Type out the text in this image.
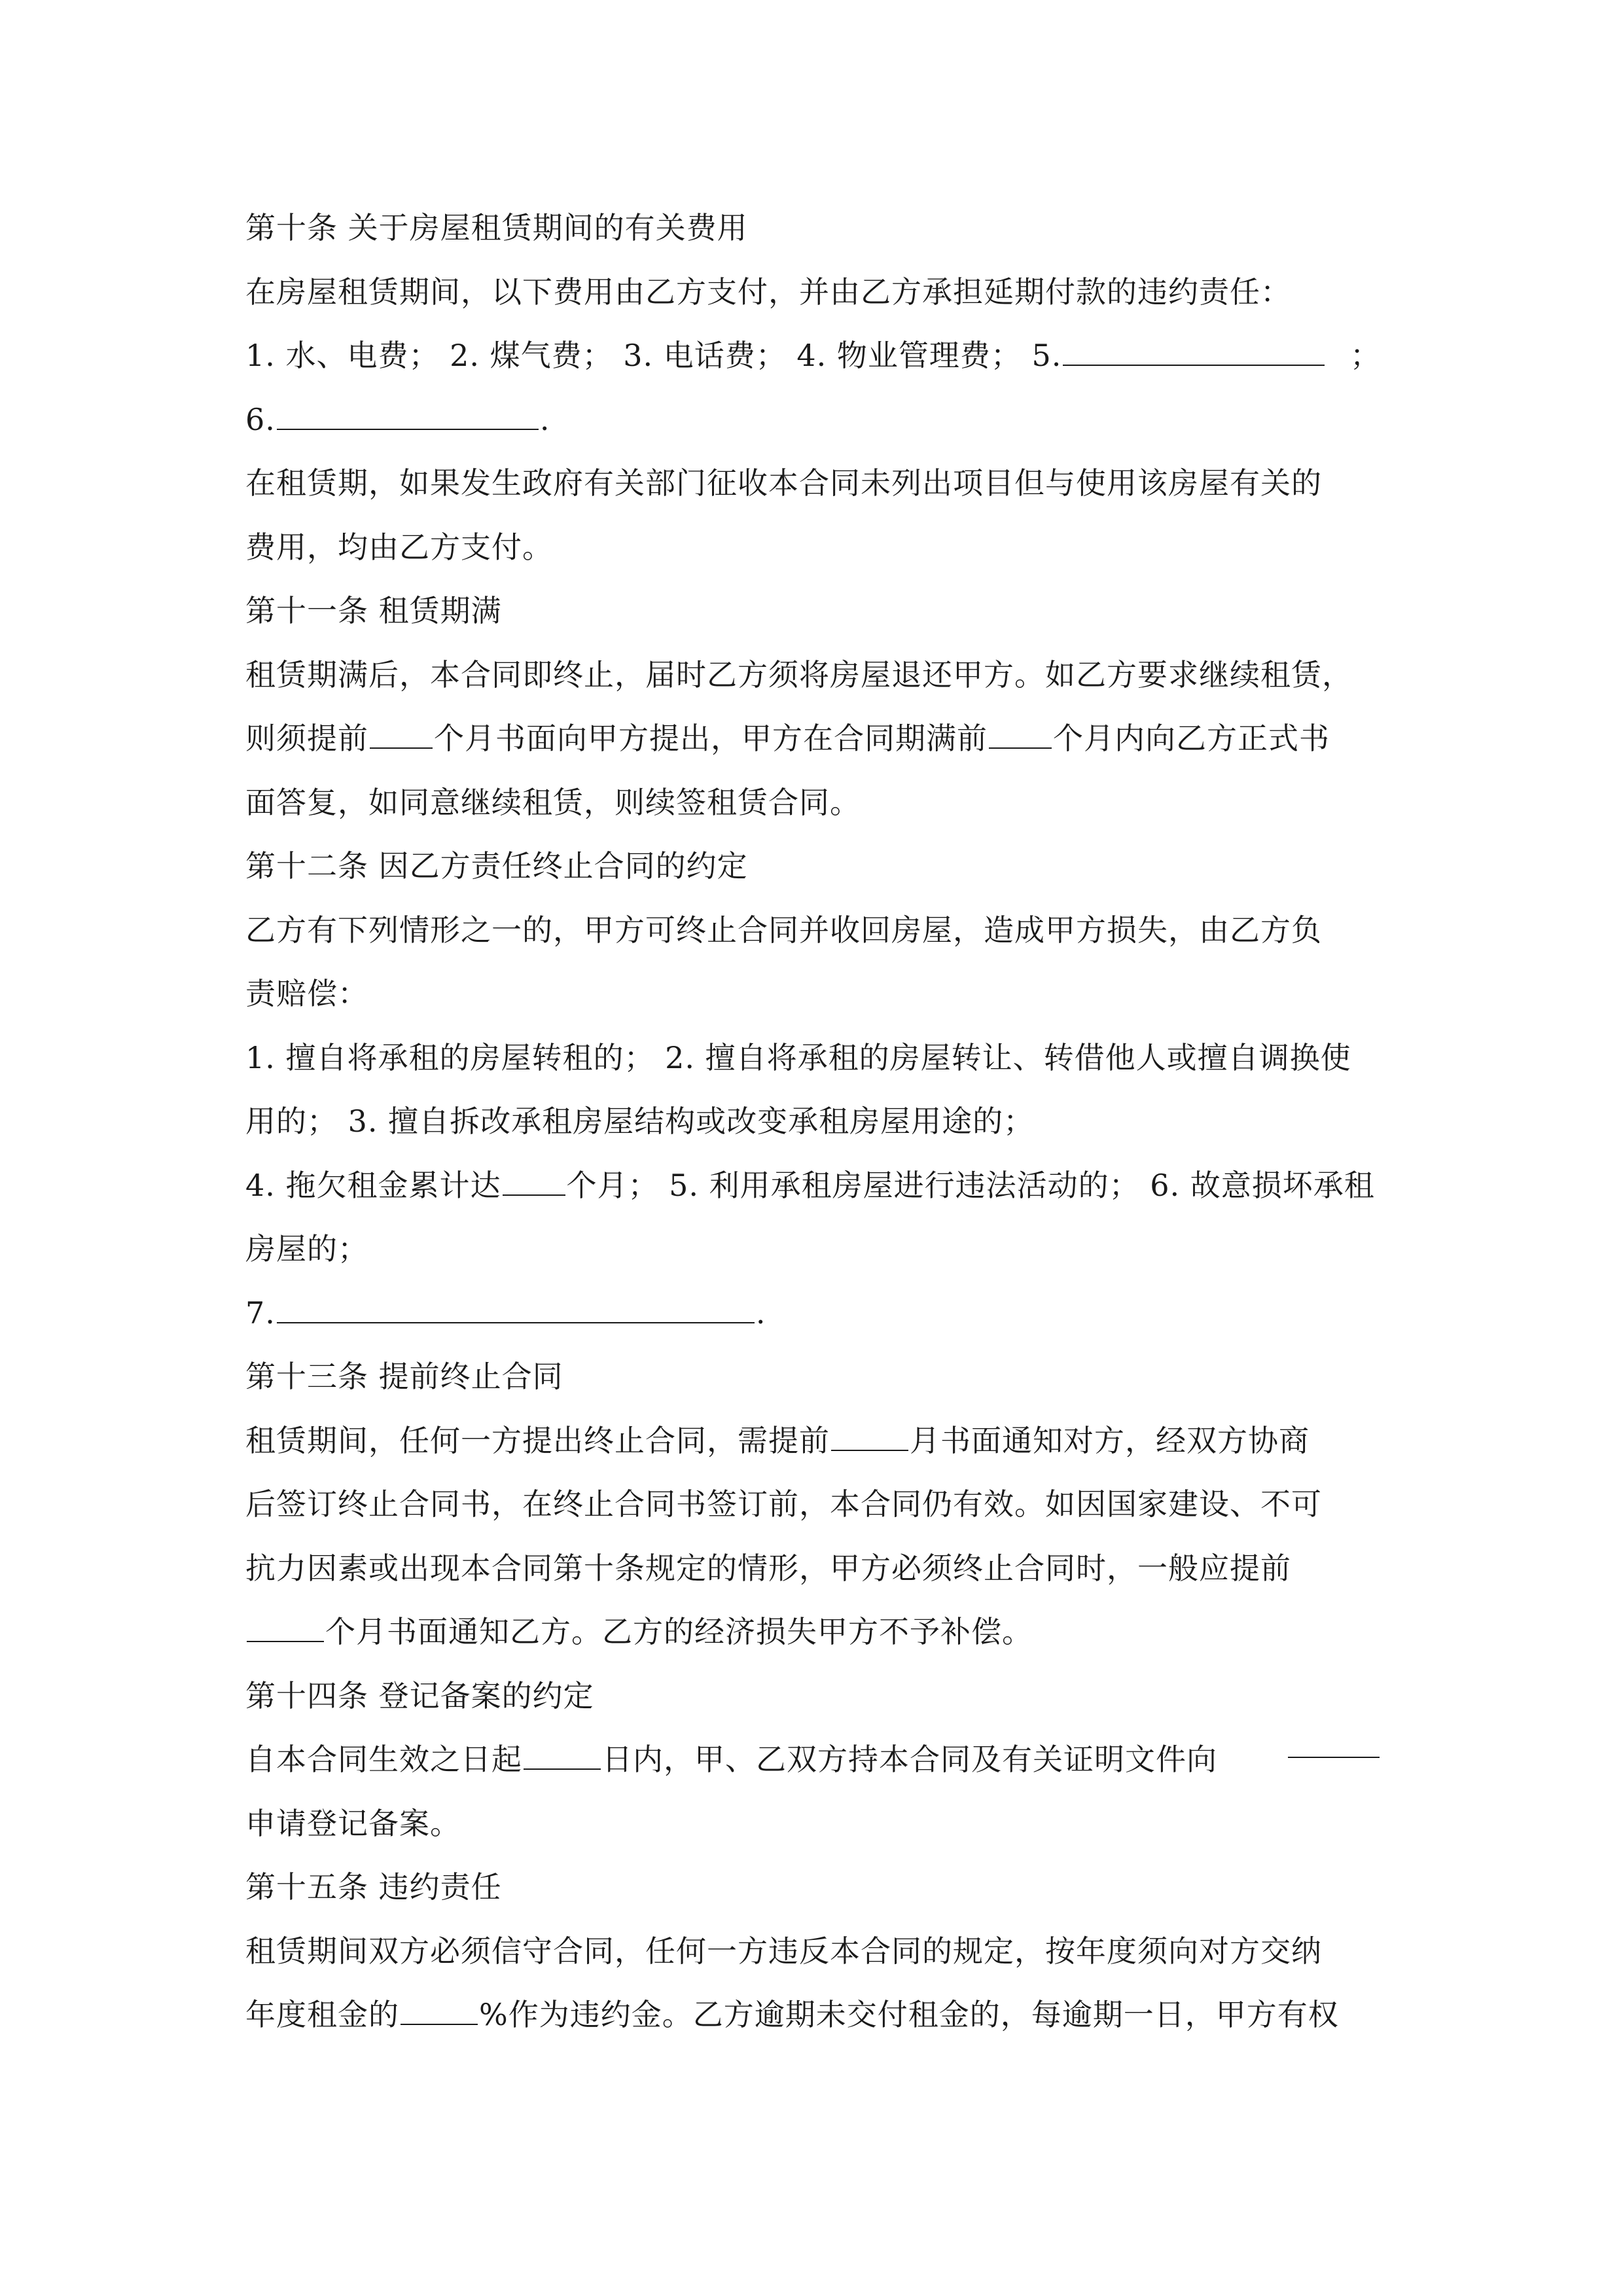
第十条 关于房屋租赁期间的有关费用
在房屋租赁期间，以下费用由乙方支付，并由乙方承担延期付款的违约责任：
1. 水、电费； 2. 煤气费； 3. 电话费； 4. 物业管理费； 5.	；
6.	.
在租赁期，如果发生政府有关部门征收本合同未列出项目但与使用该房屋有关的
费用，均由乙方支付。
第十一条 租赁期满
租赁期满后，本合同即终止，届时乙方须将房屋退还甲方。如乙方要求继续租赁，
则须提前 个月书面向甲方提出，甲方在合同期满前 个月内向乙方正式书
面答复，如同意继续租赁，则续签租赁合同。
第十二条 因乙方责任终止合同的约定
乙方有下列情形之一的，甲方可终止合同并收回房屋，造成甲方损失，由乙方负
责赔偿：
1. 擅自将承租的房屋转租的； 2. 擅自将承租的房屋转让、转借他人或擅自调换使
用的； 3. 擅自拆改承租房屋结构或改变承租房屋用途的；
4. 拖欠租金累计达 个月； 5. 利用承租房屋进行违法活动的； 6. 故意损坏承租
房屋的；
7.	.
第十三条 提前终止合同
租赁期间，任何一方提出终止合同，需提前	月书面通知对方，经双方协商
后签订终止合同书，在终止合同书签订前，本合同仍有效。如因国家建设、不可
抗力因素或出现本合同第十条规定的情形，甲方必须终止合同时，一般应提前
个月书面通知乙方。乙方的经济损失甲方不予补偿。
第十四条 登记备案的约定
自本合同生效之日起	日内，甲、乙双方持本合同及有关证明文件向
申请登记备案。
第十五条 违约责任
租赁期间双方必须信守合同，任何一方违反本合同的规定，按年度须向对方交纳
年度租金的	%作为违约金。乙方逾期未交付租金的，每逾期一日，甲方有权
